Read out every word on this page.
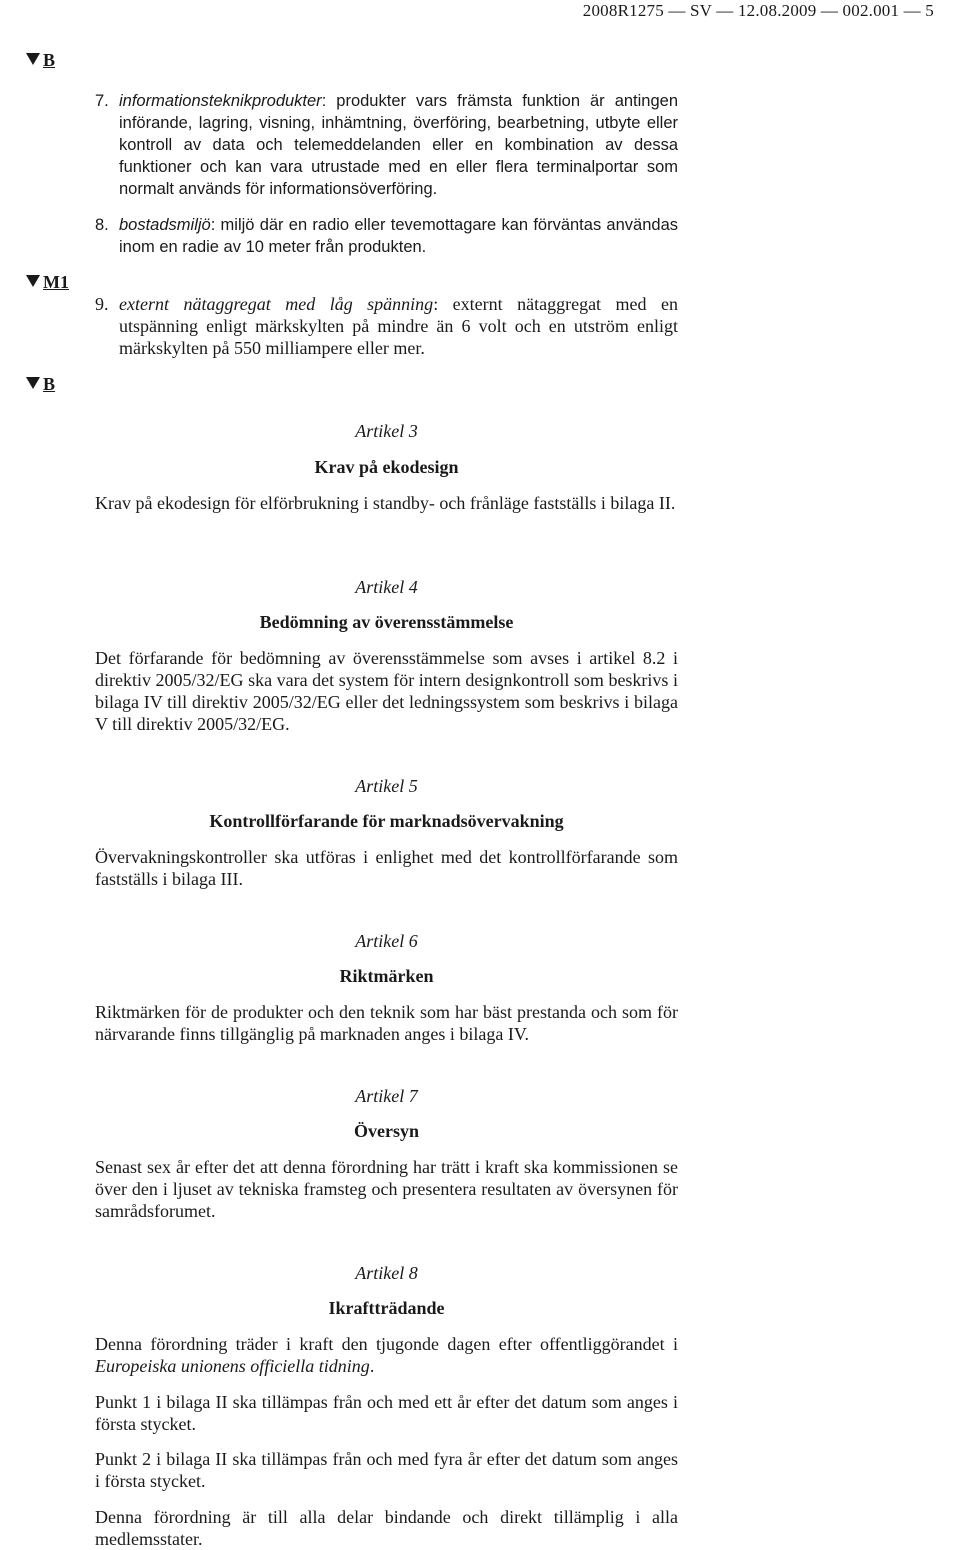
2008R1275 — SV — 12.08.2009 — 002.001 — 5
B
M1
B
7. informationsteknikprodukter: produkter vars främsta funktion är antingen införande, lagring, visning, inhämtning, överföring, bearbetning, utbyte eller kontroll av data och telemeddelanden eller en kombination av dessa funktioner och kan vara utrustade med en eller flera terminalportar som normalt används för informationsöverföring.
8. bostadsmiljö: miljö där en radio eller tevemottagare kan förväntas användas inom en radie av 10 meter från produkten.
9. externt nätaggregat med låg spänning: externt nätaggregat med en utspänning enligt märkskylten på mindre än 6 volt och en utström enligt märkskylten på 550 milliampere eller mer.
Artikel 3
Krav på ekodesign

Krav på ekodesign för elförbrukning i standby- och frånläge fastställs i bilaga II.

Artikel 4
Bedömning av överensstämmelse

Det förfarande för bedömning av överensstämmelse som avses i artikel 8.2 i direktiv 2005/32/EG ska vara det system för intern designkontroll som beskrivs i bilaga IV till direktiv 2005/32/EG eller det ledningssystem som beskrivs i bilaga V till direktiv 2005/32/EG.

Artikel 5
Kontrollförfarande för marknadsövervakning

Övervakningskontroller ska utföras i enlighet med det kontrollförfarande som fastställs i bilaga III.

Artikel 6
Riktmärken

Riktmärken för de produkter och den teknik som har bäst prestanda och som för närvarande finns tillgänglig på marknaden anges i bilaga IV.

Artikel 7
Översyn

Senast sex år efter det att denna förordning har trätt i kraft ska kommissionen se över den i ljuset av tekniska framsteg och presentera resultaten av översynen för samrådsforumet.

Artikel 8
Ikraftträdande

Denna förordning träder i kraft den tjugonde dagen efter offentliggörandet i Europeiska unionens officiella tidning.

Punkt 1 i bilaga II ska tillämpas från och med ett år efter det datum som anges i första stycket.

Punkt 2 i bilaga II ska tillämpas från och med fyra år efter det datum som anges i första stycket.

Denna förordning är till alla delar bindande och direkt tillämplig i alla medlemsstater.
